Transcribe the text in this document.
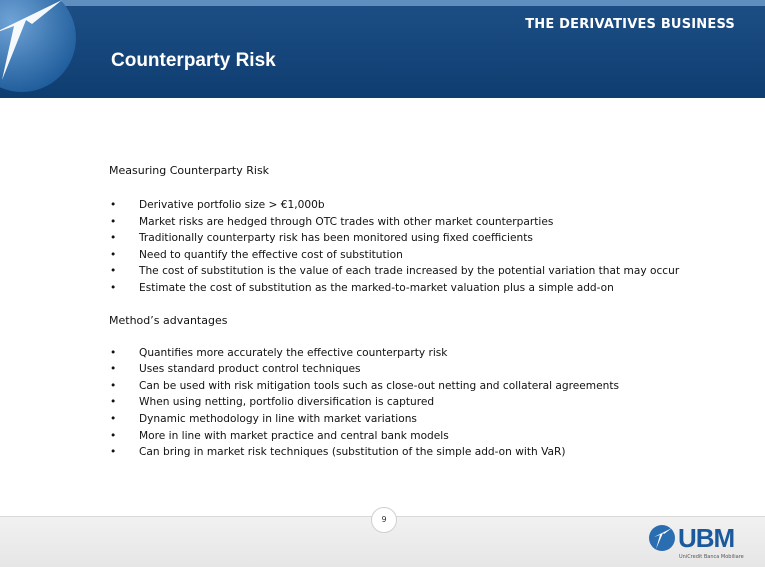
THE DERIVATIVES BUSINESS
Counterparty Risk

Measuring Counterparty Risk

• Derivative portfolio size > €1,000b
• Market risks are hedged through OTC trades with other market counterparties
• Traditionally counterparty risk has been monitored using fixed coefficients
• Need to quantify the effective cost of substitution
• The cost of substitution is the value of each trade increased by the potential variation that may occur
• Estimate the cost of substitution as the marked-to-market valuation plus a simple add-on

Method’s advantages

• Quantifies more accurately the effective counterparty risk
• Uses standard product control techniques
• Can be used with risk mitigation tools such as close-out netting and collateral agreements
• When using netting, portfolio diversification is captured
• Dynamic methodology in line with market variations
• More in line with market practice and central bank models
• Can bring in market risk techniques (substitution of the simple add-on with VaR)
9

UBM

UniCredit Banca Mobiliare
